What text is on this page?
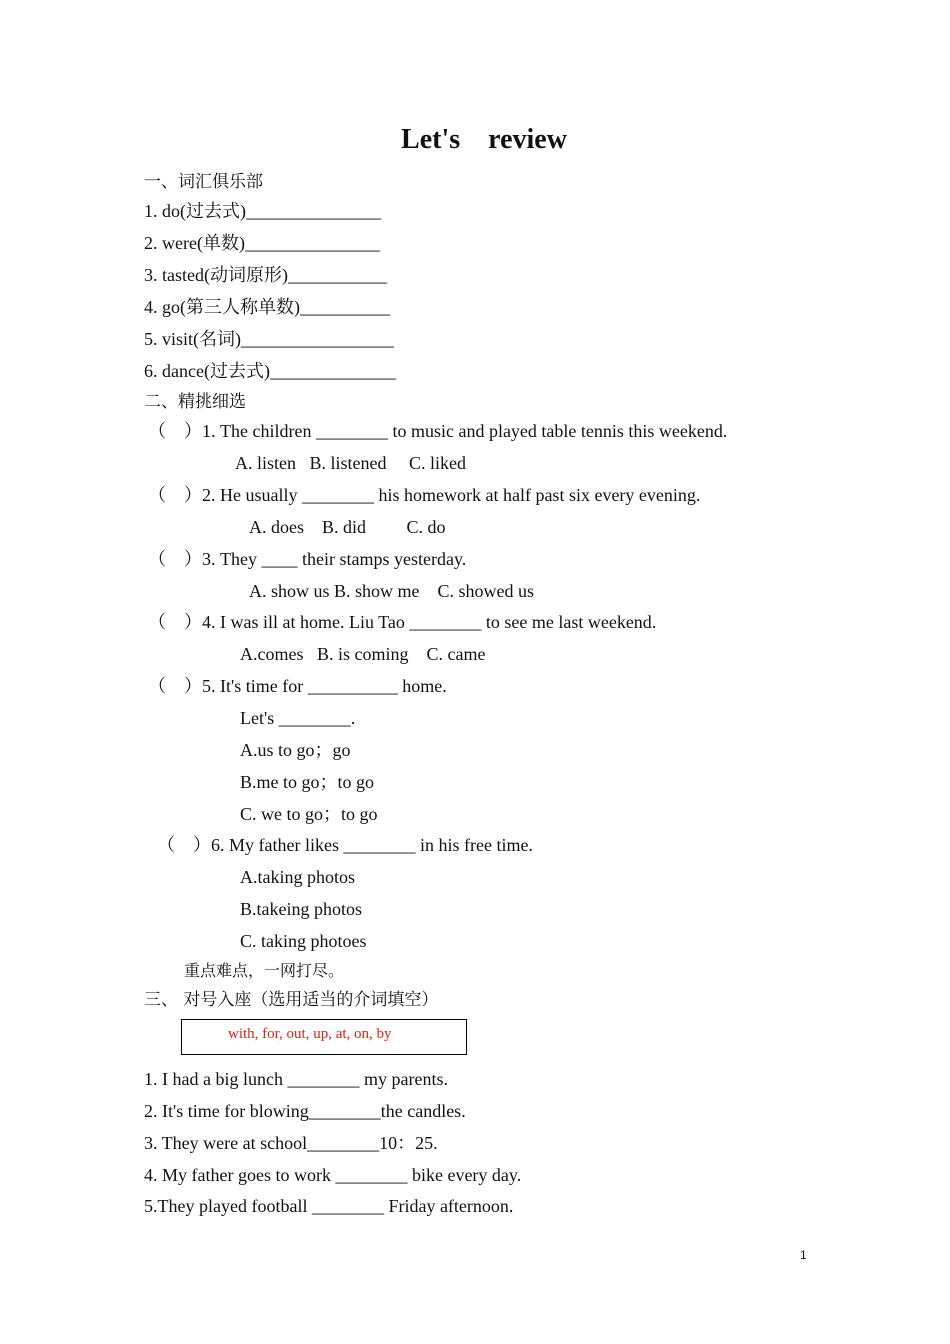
Let's    review
一、词汇俱乐部
1. do(过去式)_______________
2. were(单数)_______________
3. tasted(动词原形)___________
4. go(第三人称单数)__________
5. visit(名词)_________________
6. dance(过去式)______________
二、精挑细选
（    ）1. The children ________ to music and played table tennis this weekend.
A. listen   B. listened     C. liked
（    ）2. He usually ________ his homework at half past six every evening.
A. does    B. did         C. do
（    ）3. They ____ their stamps yesterday.
A. show us B. show me    C. showed us
（    ）4. I was ill at home. Liu Tao ________ to see me last weekend.
A.comes   B. is coming    C. came
（    ）5. It's time for __________ home.
Let's ________.
A.us to go；go
B.me to go；to go
C. we to go；to go
（    ）6. My father likes ________ in his free time.
A.taking photos
B.takeing photos
C. taking photoes
重点难点，一网打尽。
三、 对号入座（选用适当的介词填空）
with, for, out, up, at, on, by
1. I had a big lunch ________ my parents.
2. It's time for blowing________the candles.
3. They were at school________10：25.
4. My father goes to work ________ bike every day.
5.They played football ________ Friday afternoon.
1
